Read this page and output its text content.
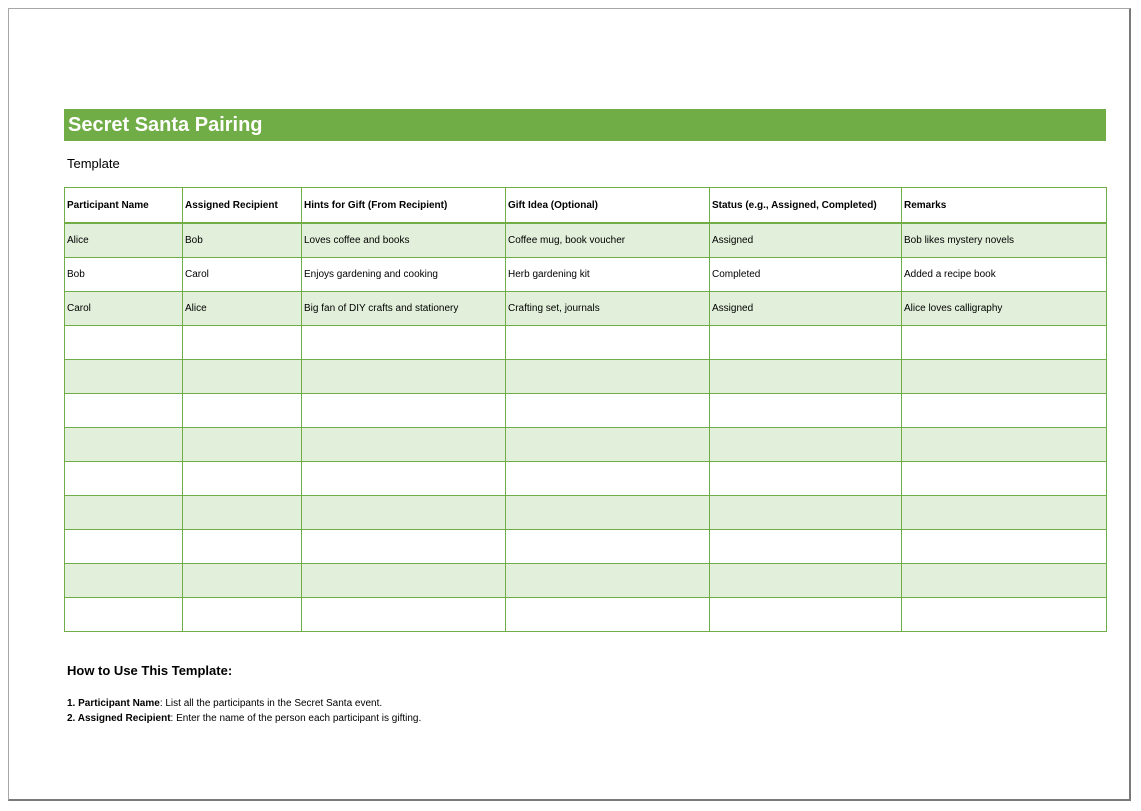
Secret Santa Pairing
Template
Participant Name	Assigned Recipient	Hints for Gift (From Recipient)	Gift Idea (Optional)	Status (e.g., Assigned, Completed)	Remarks
Alice	Bob	Loves coffee and books	Coffee mug, book voucher	Assigned	Bob likes mystery novels
Bob	Carol	Enjoys gardening and cooking	Herb gardening kit	Completed	Added a recipe book
Carol	Alice	Big fan of DIY crafts and stationery	Crafting set, journals	Assigned	Alice loves calligraphy

How to Use This Template:
1. Participant Name: List all the participants in the Secret Santa event.
2. Assigned Recipient: Enter the name of the person each participant is gifting.
